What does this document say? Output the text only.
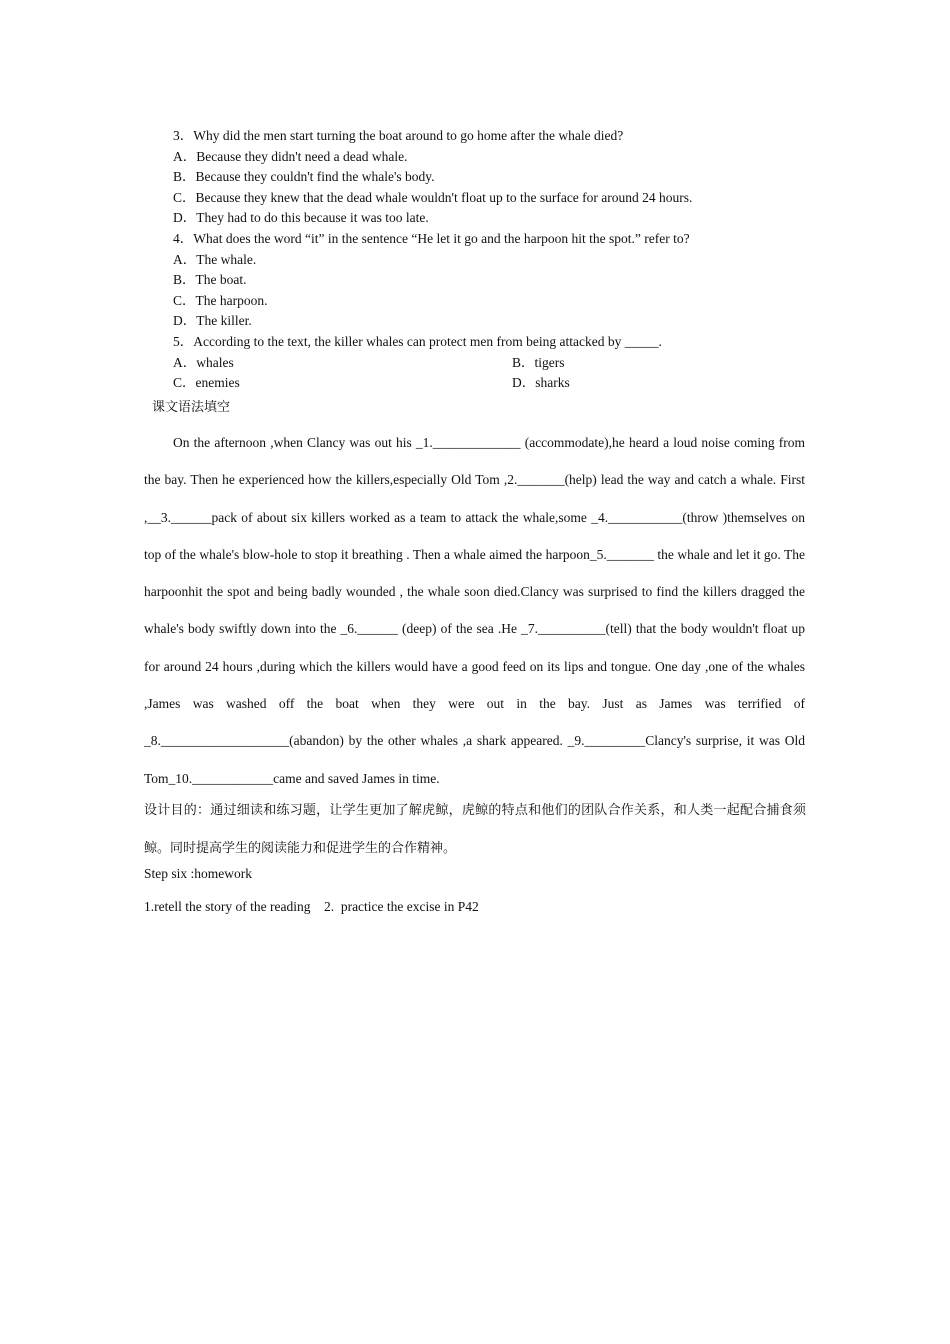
3．Why did the men start turning the boat around to go home after the whale died?
A．Because they didn't need a dead whale.
B．Because they couldn't find the whale's body.
C．Because they knew that the dead whale wouldn't float up to the surface for around 24 hours.
D．They had to do this because it was too late.
4．What does the word “it” in the sentence “He let it go and the harpoon hit the spot.” refer to?
A．The whale.
B．The boat.
C．The harpoon.
D．The killer.
5．According to the text, the killer whales can protect men from being attacked by _____.
A．whales	B．tigers
C．enemies	D．sharks
课文语法填空
On the afternoon ,when Clancy was out his _1._____________ (accommodate),he heard a loud noise coming from the bay. Then he experienced how the killers,especially Old Tom ,2._______(help) lead the way and catch a whale. First ,__3.______pack of about six killers worked as a team to attack the whale,some _4.___________(throw )themselves on top of the whale's blow-hole to stop it breathing . Then a whale aimed the harpoon_5._______ the whale and let it go. The harpoonhit the spot and being badly wounded , the whale soon died.Clancy was surprised to find the killers dragged the whale's body swiftly down into the _6.______ (deep) of the sea .He _7.__________(tell) that the body wouldn't float up for around 24 hours ,during which the killers would have a good feed on its lips and tongue. One day ,one of the whales ,James was washed off the boat when they were out in the bay. Just as James was terrified of _8.___________________(abandon) by the other whales ,a shark appeared. _9._________Clancy's surprise, it was Old Tom_10.____________came and saved James in time.
设计目的：通过细读和练习题，让学生更加了解虎鲸，虎鲸的特点和他们的团队合作关系，和人类一起配合捕食须鲸。同时提高学生的阅读能力和促进学生的合作精神。
Step six :homework
1.retell the story of the reading    2.  practice the excise in P42
